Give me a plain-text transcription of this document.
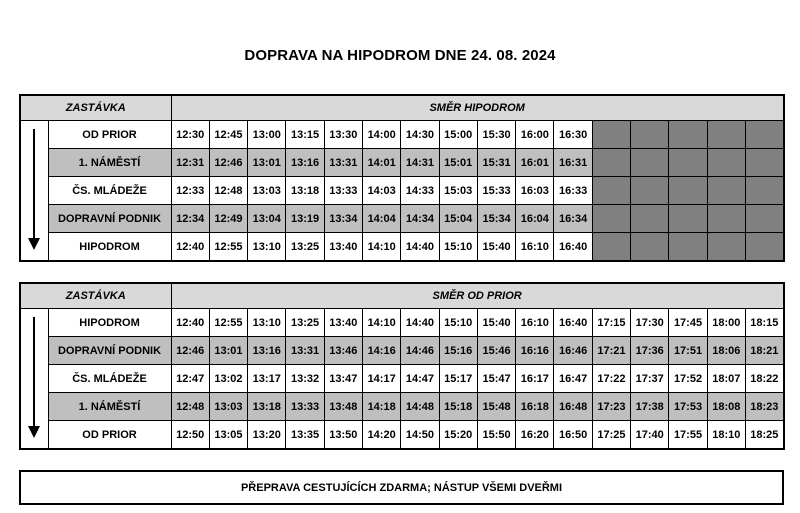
DOPRAVA NA HIPODROM DNE 24. 08. 2024
ZASTÁVKA		SMĚR HIPODROM															

	OD PRIOR	12:30	12:45	13:00	13:15	13:30	14:00	14:30	15:00	15:30	16:00	16:30					
	1. NÁMĚSTÍ	12:31	12:46	13:01	13:16	13:31	14:01	14:31	15:01	15:31	16:01	16:31					
	ČS. MLÁDEŽE	12:33	12:48	13:03	13:18	13:33	14:03	14:33	15:03	15:33	16:03	16:33					
	DOPRAVNÍ PODNIK	12:34	12:49	13:04	13:19	13:34	14:04	14:34	15:04	15:34	16:04	16:34					
	HIPODROM	12:40	12:55	13:10	13:25	13:40	14:10	14:40	15:10	15:40	16:10	16:40					
ZASTÁVKA		SMĚR OD PRIOR															

	HIPODROM	12:40	12:55	13:10	13:25	13:40	14:10	14:40	15:10	15:40	16:10	16:40	17:15	17:30	17:45	18:00	18:15
	DOPRAVNÍ PODNIK	12:46	13:01	13:16	13:31	13:46	14:16	14:46	15:16	15:46	16:16	16:46	17:21	17:36	17:51	18:06	18:21
	ČS. MLÁDEŽE	12:47	13:02	13:17	13:32	13:47	14:17	14:47	15:17	15:47	16:17	16:47	17:22	17:37	17:52	18:07	18:22
	1. NÁMĚSTÍ	12:48	13:03	13:18	13:33	13:48	14:18	14:48	15:18	15:48	16:18	16:48	17:23	17:38	17:53	18:08	18:23
	OD PRIOR	12:50	13:05	13:20	13:35	13:50	14:20	14:50	15:20	15:50	16:20	16:50	17:25	17:40	17:55	18:10	18:25
PŘEPRAVA CESTUJÍCÍCH ZDARMA; NÁSTUP VŠEMI DVEŘMI
